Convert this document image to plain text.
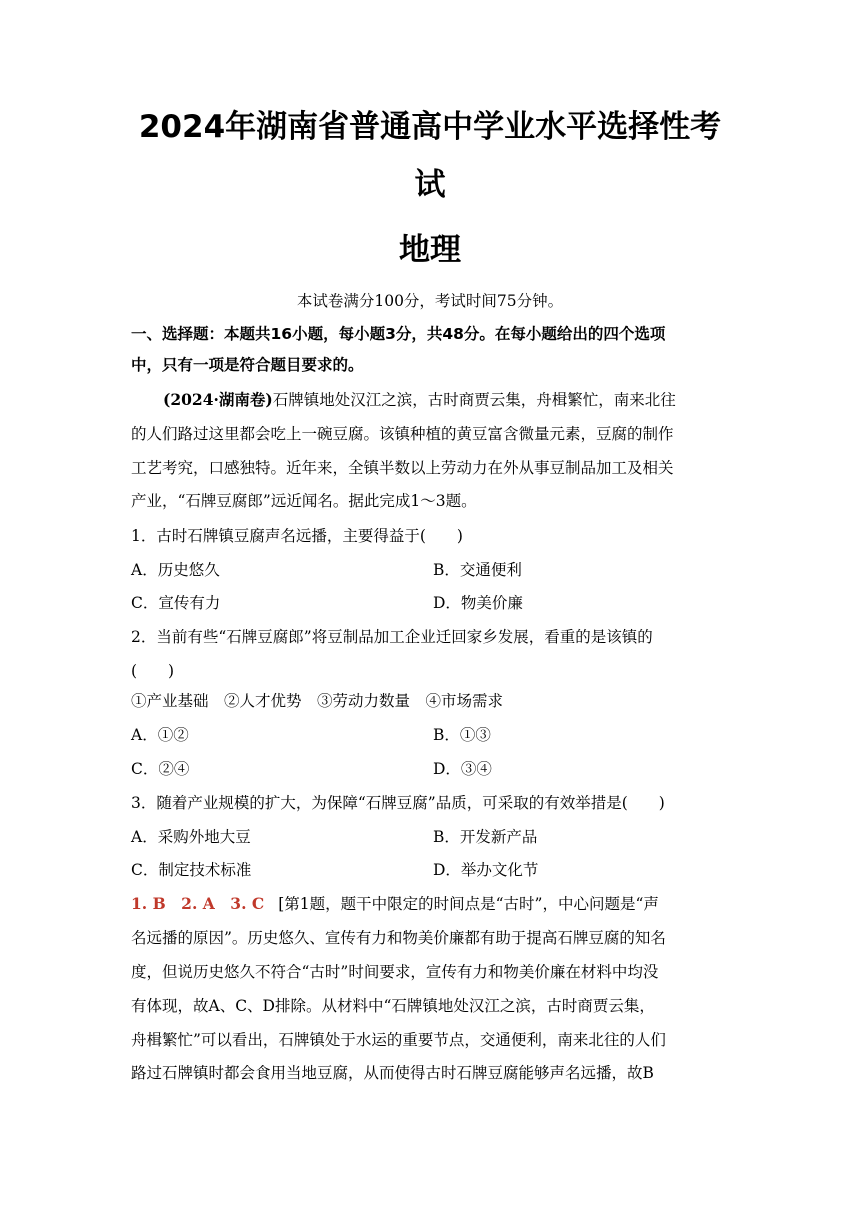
2024年湖南省普通高中学业水平选择性考
试
地理
本试卷满分100分，考试时间75分钟。
一、选择题：本题共16小题，每小题3分，共48分。在每小题给出的四个选项
中，只有一项是符合题目要求的。
(2024·湖南卷)石牌镇地处汉江之滨，古时商贾云集，舟楫繁忙，南来北往
的人们路过这里都会吃上一碗豆腐。该镇种植的黄豆富含微量元素，豆腐的制作
工艺考究，口感独特。近年来，全镇半数以上劳动力在外从事豆制品加工及相关
产业，“石牌豆腐郎”远近闻名。据此完成1～3题。
1．古时石牌镇豆腐声名远播，主要得益于(　　)
A．历史悠久	B．交通便利
C．宣传有力	D．物美价廉
2．当前有些“石牌豆腐郎”将豆制品加工企业迁回家乡发展，看重的是该镇的
(　　)
①产业基础　②人才优势　③劳动力数量　④市场需求
A．①②	B．①③
C．②④	D．③④
3．随着产业规模的扩大，为保障“石牌豆腐”品质，可采取的有效举措是(　　)
A．采购外地大豆	B．开发新产品
C．制定技术标准	D．举办文化节
1. B　2. A　3. C [第1题，题干中限定的时间点是“古时”，中心问题是“声
名远播的原因”。历史悠久、宣传有力和物美价廉都有助于提高石牌豆腐的知名
度，但说历史悠久不符合“古时”时间要求，宣传有力和物美价廉在材料中均没
有体现，故A、C、D排除。从材料中“石牌镇地处汉江之滨，古时商贾云集，
舟楫繁忙”可以看出，石牌镇处于水运的重要节点，交通便利，南来北往的人们
路过石牌镇时都会食用当地豆腐，从而使得古时石牌豆腐能够声名远播，故B
